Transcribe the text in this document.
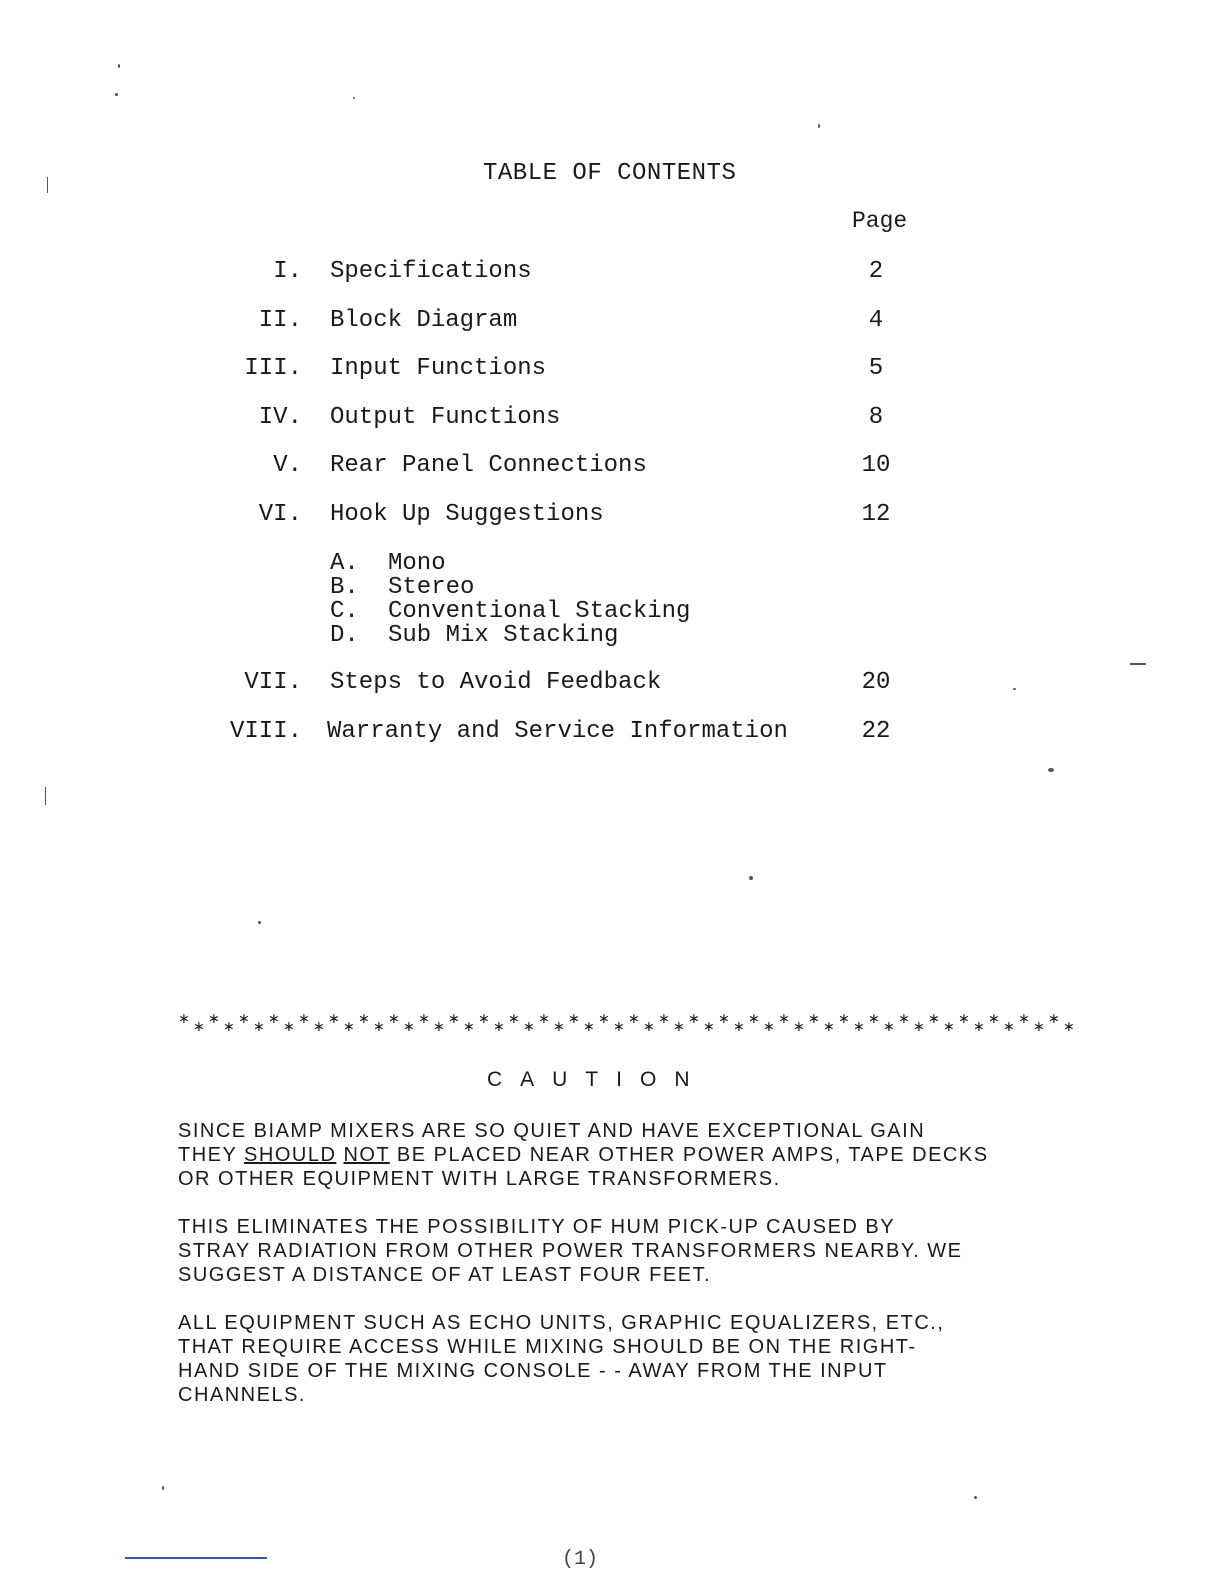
TABLE OF CONTENTS
Page
I. Specifications	2
II. Block Diagram	4
III. Input Functions	5
IV. Output Functions	8
V. Rear Panel Connections	10
VI. Hook Up Suggestions	12
A. Mono
B. Stereo
C. Conventional Stacking
D. Sub Mix Stacking
VII. Steps to Avoid Feedback	20
VIII. Warranty and Service Information	22
∗ ∗ ∗ ∗ ∗ ∗ ∗ ∗ ∗ ∗ ∗ ∗ ∗ ∗ ∗ ∗ ∗ ∗ ∗ ∗ ∗ ∗ ∗ ∗ ∗ ∗ ∗ ∗ ∗ ∗ ∗ ∗ ∗ ∗ ∗ ∗ ∗ ∗ ∗ ∗ ∗ ∗ ∗ ∗ ∗ ∗ ∗ ∗ ∗ ∗ ∗ ∗ ∗ ∗ ∗ ∗ ∗ ∗ ∗ ∗
CAUTION
SINCE BIAMP MIXERS ARE SO QUIET AND HAVE EXCEPTIONAL GAIN
THEY SHOULD NOT BE PLACED NEAR OTHER POWER AMPS, TAPE DECKS
OR OTHER EQUIPMENT WITH LARGE TRANSFORMERS.
THIS ELIMINATES THE POSSIBILITY OF HUM PICK-UP CAUSED BY
STRAY RADIATION FROM OTHER POWER TRANSFORMERS NEARBY. WE
SUGGEST A DISTANCE OF AT LEAST FOUR FEET.
ALL EQUIPMENT SUCH AS ECHO UNITS, GRAPHIC EQUALIZERS, ETC.,
THAT REQUIRE ACCESS WHILE MIXING SHOULD BE ON THE RIGHT-
HAND SIDE OF THE MIXING CONSOLE - - AWAY FROM THE INPUT
CHANNELS.
(1)
